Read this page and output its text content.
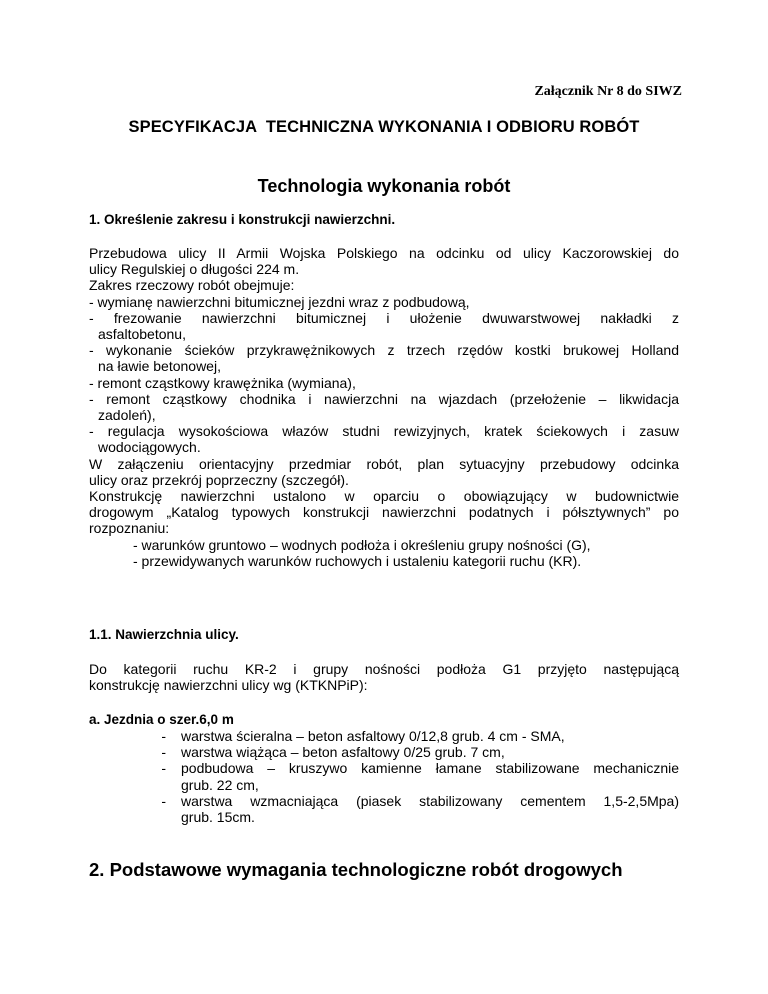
Załącznik Nr 8 do SIWZ
SPECYFIKACJA  TECHNICZNA WYKONANIA I ODBIORU ROBÓT
Technologia wykonania robót
1. Określenie zakresu i konstrukcji nawierzchni.
Przebudowa ulicy II Armii Wojska Polskiego na odcinku od ulicy Kaczorowskiej do
ulicy Regulskiej o długości 224 m.
Zakres rzeczowy robót obejmuje:
- wymianę nawierzchni bitumicznej jezdni wraz z podbudową,
- frezowanie nawierzchni bitumicznej i ułożenie dwuwarstwowej nakładki z
asfaltobetonu,
- wykonanie ścieków przykrawężnikowych z trzech rzędów kostki brukowej Holland
na ławie betonowej,
- remont cząstkowy krawężnika (wymiana),
- remont cząstkowy chodnika i nawierzchni na wjazdach (przełożenie – likwidacja
zadoleń),
- regulacja wysokościowa włazów studni rewizyjnych, kratek ściekowych i zasuw
wodociągowych.
W załączeniu orientacyjny przedmiar robót, plan sytuacyjny przebudowy odcinka
ulicy oraz przekrój poprzeczny (szczegół).
Konstrukcję nawierzchni ustalono w oparciu o obowiązujący w budownictwie
drogowym „Katalog typowych konstrukcji nawierzchni podatnych i półsztywnych” po
rozpoznaniu:
- warunków gruntowo – wodnych podłoża i określeniu grupy nośności (G),
- przewidywanych warunków ruchowych i ustaleniu kategorii ruchu (KR).
1.1. Nawierzchnia ulicy.
Do kategorii ruchu KR-2 i grupy nośności podłoża G1 przyjęto następującą
konstrukcję nawierzchni ulicy wg (KTKNPiP):
a. Jezdnia o szer.6,0 m
-	warstwa ścieralna – beton asfaltowy 0/12,8 grub. 4 cm - SMA,
-	warstwa wiążąca – beton asfaltowy 0/25 grub. 7 cm,
-	podbudowa – kruszywo kamienne łamane stabilizowane mechanicznie
grub. 22 cm,
-	warstwa wzmacniająca (piasek stabilizowany cementem 1,5-2,5Mpa)
grub. 15cm.
2. Podstawowe wymagania technologiczne robót drogowych
